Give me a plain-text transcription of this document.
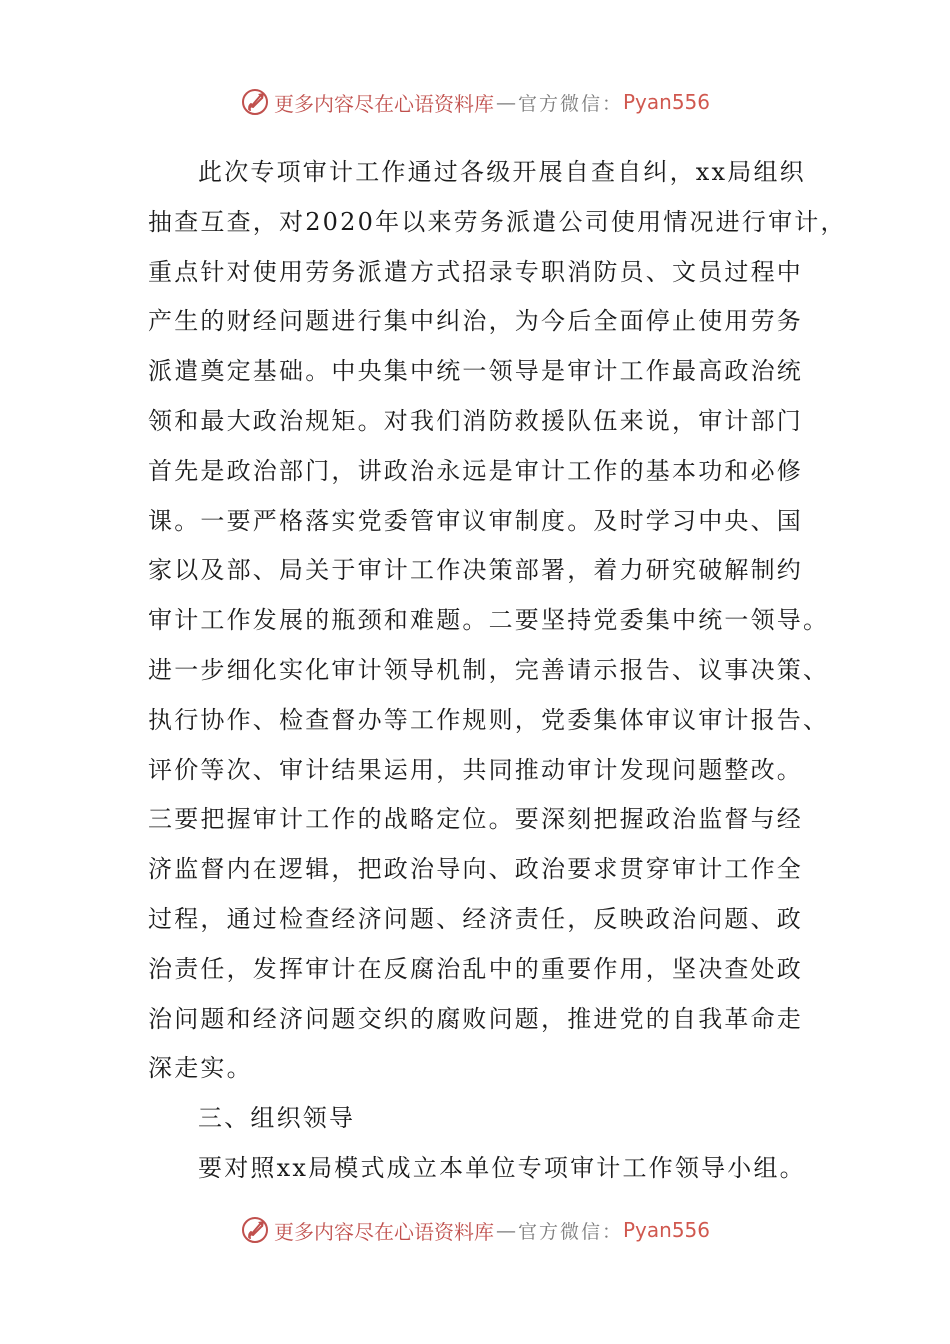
更多内容尽在心语资料库 — 官方微信： Pyan556
此次专项审计工作通过各级开展自查自纠，xx局组织
抽查互查，对2020年以来劳务派遣公司使用情况进行审计，
重点针对使用劳务派遣方式招录专职消防员、文员过程中
产生的财经问题进行集中纠治，为今后全面停止使用劳务
派遣奠定基础。中央集中统一领导是审计工作最高政治统
领和最大政治规矩。对我们消防救援队伍来说，审计部门
首先是政治部门，讲政治永远是审计工作的基本功和必修
课。一要严格落实党委管审议审制度。及时学习中央、国
家以及部、局关于审计工作决策部署，着力研究破解制约
审计工作发展的瓶颈和难题。二要坚持党委集中统一领导。
进一步细化实化审计领导机制，完善请示报告、议事决策、
执行协作、检查督办等工作规则，党委集体审议审计报告、
评价等次、审计结果运用，共同推动审计发现问题整改。
三要把握审计工作的战略定位。要深刻把握政治监督与经
济监督内在逻辑，把政治导向、政治要求贯穿审计工作全
过程，通过检查经济问题、经济责任，反映政治问题、政
治责任，发挥审计在反腐治乱中的重要作用，坚决查处政
治问题和经济问题交织的腐败问题，推进党的自我革命走
深走实。
三、组织领导
要对照xx局模式成立本单位专项审计工作领导小组。
更多内容尽在心语资料库 — 官方微信： Pyan556
